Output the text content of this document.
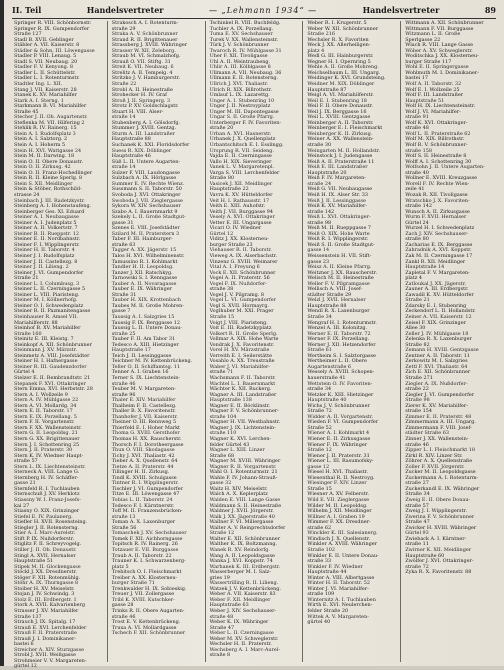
II. Teil	Handelsvertreter	— „Lehmann 1934“ —	Handelsvertreter	89
Springer R. VIII. Schönbornstr.
Springer R. IX. Gumpendorfer
Straße 127
Stadl B. XVII. Geblinger
Stäbler A. VII. Kaiserstr. 8
Städler & Sohn, III. Löwengasse
Stadler P. VIII. Lenaug. 5
Stadl S. VII. Neubaug. 20
Stadler F. V. Kenyong. 8
Stadler L. II. Schüttelstr.
Stadler L. I. Rotenturmstr.
Stadtler Ing. L. XII.
Stang J. VII. Kaiserstr. 28
Stanek K. XV. Mariahilfer
Stark A. I. Sterng. 1
Starkmann B. VI. Mariahilfer
Straße 45
Stecher J. II. Ob. Augartenstr.
Steflenka M. VII. Hilfering 2
Stehlik R. IV. Rainerg. 15
Stein A. I. Rudolfsplatz 3
Stein A. I. Salztorg. 2
Stein A. I. Hoherm 5
Stein H. XVI. Wattgasse 24
Stein M. II. Darwing. 18
Stein O. II. Obere Donaustr.
Stein O. II. Zirkusg. 42
Stein O. II. Franz-Hochedlinger
Stein R. II. Kleine Sperlg. 8
Stein S. XII. Meidlinger
Stein & Stöber, Rothschild-
strasse 24
Steinbach J. III. Radetzkystr.
Steinberg A. I. Hohenstaufeng.
Steinberger Ges. XI. Eduard
Steiner A. I. Neubaugasse
Steiner A. I. Judenplatz 5
Steiner A. II. Volkertstr. 7
Steiner B. II. Rueppstr. 12
Steiner E. II. Nordbahnstr.
Steiner F. I. Wipplingerstr.
Steiner H. II. Taborstr. 4
Steiner J. I. Rudolfsplatz
Steiner J. II. Castellezg. 8
Steiner J. II. Lilieng. 2
Steiner J. VI. Gumpendorfer
Straße 21
Steiner L. I. Columbusg. 3
Steiner L. II. Czerningasse 5
Steiner L. VIII. Piaristeng.
Steiner M. I. Köllnerhofg.
Steiner O. I. Schwedenplatz
Steiner R. II. Pazmanitengasse
Steinhauser R. Amsel VII.
Mariahilferstr. 88
Steinhof B. XV. Mariahilfer
Straße 160
Steinitz E. III. Kleistg. 7
Steinkopf A. XII. Schönbrunner
Steinmann J. XV. Märzstr.
Steinmetz A. VIII. Josefstädter
Steiner H. I. Hafnergasse
Steiner R. III. Gaudenzdorfer
Gürtel 4
Stelzer E. II. Rembrandtstr. 21
Stepanek F. XVI. Ottakringer
Stern Emma, XVI. Herbststr. 28
Stern A. I. Wollzeile 9
Stern A. IV. Mühlgasse 22
Stern A. VI. Mollardg. 34
Stern E. II. Taborstr. 17
Stern E. IX. Porzellang. 5
Stern F. II. Vorgartenstr.
Stern F. XX. Wallensteinstr.
Stern G. II. Leopoldsg. 21
Stern G. XX. Brigittenauer
Stern J. I. Schottenring 25
Stern J. II. Praterstr. 30
Stern K. IV. Wiedner Haupt-
straße 57
Stern L. IX. Liechtensteinstr.
Sterneck A. VIII. Lange G.
Sternberg H. IV. Schäffer-
gasse 21
Sternfeld R. I. Tuchlauben
Sternschuß J. XV. Herklotz
Stiassny W. I. Franz-Josefs-
kai 27
Stiasny O. XIX. Grinzinger
Stiefel E. IV. Paulanerg.
Stiefler H. XVII. Rosensteing.
Stiegler J. II. Rotensterng.
Stier A. I. Marc-Aurelstr.
Stift P. IX. Nußdorferstr.
Stiglitz F. II. Schreyvogelg.
Stiller J. II. Ob. Donaustr.
Stingl A. XVII. Hernalser
Hauptstraße 51
Stipek M. II. Glockengasse
Stöckl J. XX. Dresdnerstr.
Stöger F. XII. Rotenmühlg.
Stöhr A. IX. Thurngasse 8
Stoiber H. XV. Meiselstr.
Stojan J. IV. Schwindg. 3
Stolz E. III. Erdbergstr. 1
Stork A. XVII. Kalvarienberg
Strasser J. XV. Mariahilfer
Straße 137
Strauch J. IX. Spitalg. 17
Strauß E. XVI. Lerchenfelder
Strauß F. II. Praterstraße
Strauß J. I. Dominikaner-
bastei 6
Streicher A. XIV. Sturzgasse
Strobl J. XVII. Weißgasse
Strohmeier V. V. Margareten-
gürtel 12
Strakosch A. I. Rotenturm-
straße 29
Straka A. V. Schönbrunner
Strand R. II. Brigittenauer
Strassberg J. XVIII. Währinger
Strasser W. XII. Zeleborg.
Straub M. VI. Schmalzhofg.
Strauß O. VII. Stiftg. 31
Streit K. VII. Neubaug. 6
Strelitz A. II. Tempelg. 4
Stritzko J. V. Hamburgerstr.
Straße 22
Strobl A. II. Heinestraße
Strohecker H. IV. Graf
Stroß J. II. Springerg. 3
Strotz P. XV. Goldschlagstr.
Stuart H. VIII. Alser-
straße 14
Stubenberg A. I. Gölsdorfg.
Stummer J. XVIII. Gentzg.
Sturm A. III. Landstraßer
Hauptstraße 88
Suchanek K. XXI. Floridsdorfer
Suess R. XIX. Döblinger
Hauptstraße 46
Süß L. II. Untere Augarten-
straße 14
Sulzer F. VIII. Laudongasse
Sulzbach A. IX. Hörlgasse
Summer E. IV. Rechte Wienz.
Sussmann S. II. Taborstr. 50
Svoboda J. XVI. Ottakringer
Swoboda J. VII. Zieglergasse
Sykora W. XIV. Sechshauser
Szabo A. I. Bauernmarkt 9
Szekely L. II. Große Stadtgut-
gasse 31
Szenes E. VIII. Josefstädter
Szilard M. II. Praterstern 3
Taber F. III. Hainburger-
straße 63
Tagger A. XX. Jägerstr. 15
Talos H. XVI. Wilhelminenstr.
Tamussino R. I. Kohlmarkt
Tandler H. II. Leopoldsg.
Tanzer J. XII. Ratschkyg.
Tarnowski S. I. Renngasse
Tauber A. II. Novaragasse
Tauber E. IX. Währinger
Straße 31
Tauber H. XIX. Krottenbach
Taubes M. II. Große Mohren-
gasse 7
Taussig A. I. Salzgries 15
Taussig F. IX. Berggasse 12
Taussig L. II. Untere Donau-
straße 25
Tauber F. II. Am Tabor 31
Tedesco A. XIII. Hietzinger
Hauptstraße 17
Teich J. II. Lessinggasse
Teichner M. IV. Kettenbrückeng.
Teller O. II. Schiffamtsg. 11
Tenner A. I. Graben 16
Terner S. IX. Liechtenstein-
straße 46
Teuber M. V. Margareten-
straße 96
Thaler E. XIV. Mariahilfer
Thalheim F. II. Castellezg.
Thaller B. X. Favoritenstr.
Thanhofer J. VII. Kaiserstr.
Theiner O. III. Rennweg 5
Thierfeld E. I. Hoher Markt
Thoma G. XVIII. Gersthofer
Thomas H. XX. Rauscherstr.
Thorsch F. I. Dorotheergasse
Thun O. VIII. Skodagasse
Tichy J. XVI. Thaliastr. 42
Tieber A. X. Quellenstr. 64
Tietze A. II. Praterstr. 44
Tillinger H. II. Zirkusg.
Tindl K. XVIII. Schulgasse
Tintner R. I. Wipplingerstr.
Tischler J. VI. Gumpendorfer
Titze E. III. Löwengasse 47
Tobias L. II. Taborstr. 24
Todesco F. I. Kärntnerstr.
Toff M. II. Franzensbrücken-
straße 13
Toman A. X. Laxenburger
Straße 56
Tomaschek J. XV. Sechshauser
Tomek F. XII. Aichhorngasse
Topitsch R. IV. Rainerg. 26
Totzauer E. VII. Burggasse
Traub A. II. Taborstr. 22
Trauner K. I. Schwarzenberg-
platz 5
Trebitsch O. I. Fleischmarkt
Treiber A. XX. Klosterneu-
burger Straße 71
Trenkwalder H. IX. Sobieskig.
Treuer J. VII. Zollergasse
Tribl K. XVIII. Kutschker-
gasse 28
Trinks R. II. Obere Augarten-
straße 46
Trost E. V. Kettenbrückeng.
Truxa A. VI. Mollardgasse
Tschech F. XII. Schönbrunner
Tschinkel R. VIII. Buchfeldg.
Tuchler A. IX. Porzellang.
Tuma E. XV. Sechshauser
Turek V. XX. Wallensteinstr.
Türk J. V. Schönbrunner
Twaroch R. IV. Mühlgasse 31
Uher F. XII. Tivoligasse
Uhl A. II. Weintraubeng.
Uhlir A. III. Kölblgasse 8
Ullmann A. VII. Neubaug. 36
Ullmann E. II. Rotensterng.
Ullrich J. XVI. Thaliastr.
Ulrich R. XIX. Billrothstr.
Umlauf L. IX. Lazarettg.
Unger A. I. Stubenring 10
Unger J. II. Nestroyplatz
Unger M. III. Dapontegasse
Ungar S. II. Große Pfarrg.
Unterberger F. IV. Favoriten-
straße 20
Urban A. XVI. Hasnerstr.
Urbanek J. X. Quellenplatz
Urbantschitsch E. I. Esslingg.
Ursprung R. VII. Seideng.
Vajda E. II. Czerningasse
Vallo H. XIX. Sieveringer
Vanek L. V. Margaretenpl.
Varga S. VIII. Lerchenfelder
Straße 80
Vasicek J. XII. Meidlinger
Hauptstraße 22
Vavra K. XV. Hütteldorfer
Veit H. I. Rathausstr. 17
Veith E. XIII. Auhofstr.
Veith J. VII. Burggasse 94
Vesely A. XVI. Ottakringer
Vetter E. III. Ungargasse
Vicari O. IV. Wiedner
Gürtel 12
Viditz J. XX. Klosterneu-
burger Straße 23
Viehauser R. II. Taborstr.
Vieweg A. IX. Alserbachstr.
Vinzenz G. XVIII. Weimarer
Vital A. I. Freyung 6
Vock E. XII. Schönbrunner
Vogel A. II. Praterstr. 56
Vogel F. IX. Nußdorfer-
straße 38
Vogel J. V. Pilgramg. 8
Vogel L. VI. Gumpendorfer
Vogl S. XVII. Hormayrg.
Voglhuber M. XXI. Prager
Straße 15
Voigt J. VIII. Piaristeng.
Voit E. III. Radetzkyplatz
Volkert R. II. Große Sperlg.
Vollmar A. XIX. Hohe Warte
Vondrak J. X. Favoritenstr.
Vorel H. XV. Märzstraße
Vorreith E. I. Seilerstätte
Vosahlo A. XX. Treustraße
Waber J. VI. Mariahilfer-
straße 71
Wachsmann F. II. Taborstr.
Wachtel L. I. Bauernmarkt
Wächter K. XII. Ruckerg.
Wagner A. III. Landstraßer
Hauptstraße 138
Wagner E. II. Böcklinstr.
Wagner F. V. Schönbrunner-
straße 104
Wagner H. VII. Westbahnstr.
Wagner J. IX. Lichtenstein-
straße 110
Wagner K. XVI. Lerchen-
felder Gürtel 43
Wagner L. XIII. Linzer
Straße 68
Wagner M. XVIII. Währinger
Wagner R. II. Vorgartenstr.
Wahl O. I. Rotenturmstr. 21
Wahle F. IV. Johann-Strauß-
gasse 32
Waitz H. XIV. Meiselstr.
Walch A. X. Keplerplatz
Walden E. VIII. Lange Gasse
Waldmann S. II. Heinestraße
Waldner J. XVII. Jörgerstr.
Walk J. XX. Jägerstraße 40
Wallner F. VI. Millergasse
Walter A. V. Reinprechtsdorfer
Straße 12
Walter E. XII. Schönbrunner
Walther K. IX. Boltzmanng.
Wanek R. XV. Reindorfg.
Wang A. II. Leopoldsgasse
Wanka J. XVI. Koppstr. 74
Warhanek K. III. Erdbergstr.
Wasserberger M. I. Salz-
gries 19
Wassertrilling R. II. Lilieng.
Watzek J. V. Kettenbrückeng.
Weber A. VII. Kaiserstr. 83
Weber F. XII. Meidlinger
Hauptstraße 63
Weber J. XIV. Sechshauser-
straße 48
Weber K. IX. Währinger
Straße 47
Weber L. II. Czerningasse
Weber M. XV. Schweglerstr.
Wechsler H. II. Praterstr.
Wechsberg A. I. Marc-Aurel-
straße 8
Weber R. I. Krugerstr. 5
Weber W. XII. Schönbrunner
Straße 216
Wechsler R. X. Favoriten
Weck J. XX. Allerheiligen-
platz 4
Wedl G. III. Hainburgerstr.
Wegner H. I. Opernring 5
Wehle A. II. Große Mohreng.
Weichselbaum L. III. Ungarg.
Weidinger K. XVI. Grundsteing.
Weidner M. XIX. Döblinger
Hauptstraße 87
Weigl A. VI. Mariahilferstr.
Weil E. I. Stubenring 18
Weil F. II. Obere Donaustr.
Weil J. IX. Berggasse 16
Weil L. XVIII. Gentzgasse
Weinberger A. II. Taborstr.
Weinberger E. I. Fleischmarkt
Weinberger K. II. Zirkusg.
Weiner A. XX. Wallenstein-
straße 30
Weingarten M. II. Hollandstr.
Weinstock J. I. Judengasse
Weiß A. II. Praterstraße 11
Weiß E. III. Landstraßer
Hauptstraße 20
Weiß F. IV. Margareten-
straße 24
Weiß G. VII. Neubaugasse
Weiß H. IX. Alser Str. 33
Weiß J. II. Lessinggasse
Weiß K. XV. Mariahilfer-
straße 142
Weiß L. XVI. Ottakringer-
straße 98
Weiß M. II. Rueppgasse 7
Weiß O. XIX. Hohe Warte
Weiß R. I. Wipplingerstr.
Weiß S. II. Große Stadtgut-
gasse 14
Weissenstein H. VII. Stift-
gasse 23
Weisz A. II. Kleine Pfarrg.
Weitzner J. XX. Rauscherstr.
Welisch M. II. Heinestraße
Weller F. V. Pilgramgasse
Wellisch A. VIII. Josef-
städter Straße 29
Welzl J. XVII. Hernalser
Hauptstraße 88
Wendl R. X. Laxenburger
Straße 34
Wengraf H. I. Rotenturmstr.
Wenzel A. III. Kolonitzg.
Werner E. II. Taborstr. 72
Werner F. IX. Porzellang.
Werner J. XII. Hetzendorfer
Straße 61
Wertheim S. I. Salztorgasse
Wertheimer L. II. Obere
Augartenstraße 6
Wessely A. XVIII. Schopen-
hauerstraße 41
Wettstein O. IV. Favoriten-
straße 34
Wetzler K. XIII. Hietzinger
Hauptstraße 40
Wichs J. V. Schönbrunner
Straße 72
Widder A. II. Vorgartenstr.
Wieden F. VI. Gumpendorfer
Straße 52
Wiener A. I. Kohlmarkt 4
Wiener E. II. Zirkusgasse
Wiener F. IX. Währinger
Straße 12
Wiener J. II. Praterstr. 31
Wiener L. III. Rasumofsky-
gasse 12
Wiesel H. XVI. Thaliastr.
Wiesenthal R. II. Nestroyg.
Wiesinger F. XIV. Linzer
Straße 15
Wiesner A. XV. Felberstr.
Wild E. VII. Zieglergasse
Wilder M. II. Leopoldsg.
Wilhelm J. XII. Meidlinger
Willner A. I. Graben 19
Wimmer F. XX. Dresdner-
straße 62
Winckler K. III. Salesianerg.
Windisch J. X. Quellenstr.
Winkler A. XVIII. Währinger
Straße 102
Winkler E. II. Untere Donau-
straße 33
Winkler F. IV. Wiedner
Hauptstraße 44
Winter A. VIII. Albertgasse
Winter H. II. Taborstr. 52
Winter J. VI. Mariahilfer-
straße 109
Winternitz A. I. Tuchlauben
Wirth E. XVI. Neulerchen-
felder Straße 20
Wittek A. V. Margareten-
gürtel 40
Wittmann A. XII. Schönbrunner
Wittmann F. VII. Burggasse
Witzmann L. II. Große
Sperlgasse 22
Wlach R. VIII. Lange Gasse
Wöber A. XV. Schweglerstr.
Woditschka J. XX. Klosterneu-
burger Straße 117
Wohl E. II. Springergasse
Wohlmuth M. I. Dominikaner-
bastei 17
Wolf A. II. Taborstr. 32
Wolf E. I. Wollzeile 25
Wolf F. III. Landstraßer
Hauptstraße 51
Wolf H. IX. Liechtensteinstr.
Wolf J. VI. Mariahilfer-
straße 91
Wolf K. XVI. Ottakringer-
straße 48
Wolf L. II. Praterstraße 62
Wolf M. XIX. Billrothstr.
Wolf R. V. Schönbrunner-
straße 158
Wolf S. II. Heinestraße 8
Wolff A. I. Schottenring 30
Wolfsohn J. II. Untere Augarten-
straße 40
Wollner E. XVIII. Kreuzgasse
Worell F. IV. Rechte Wien-
zeile 41
Wozak R. XII. Tivoligasse
Wratschko J. X. Favoriten-
straße 142
Wunsch A. II. Zirkusgasse
Wurm F. XVII. Hernalser
Gürtel 24
Wurzel H. I. Schwedenplatz
Zach J. XIV. Sechshauser-
straße 80
Zacharias E. IX. Berggasse
Zahradnik A. XVI. Koppstr.
Zak M. II. Czerningasse 17
Zankl R. XII. Meidlinger
Hauptstraße 14
Zapletal F. V. Margareten-
platz 4
Zatloukal J. XX. Jägerstr.
Zauner A. III. Erdbergstr.
Zawadil K. XV. Hütteldorfer
Straße 21
Zdarsky E. I. Stubenring
Zeckendorf L. II. Hollandstr.
Zeiner A. VII. Kaiserstr. 12
Zeisel F. XIX. Grinzinger
Allee 30
Zeller J. IV. Mühlgasse 18
Zelenka R. X. Laxenburger
Straße 82
Zemann H. XVIII. Gentzgasse
Zentner A. II. Taborstr. 11
Zerkowitz M. I. Salzgries
Zettl F. XVI. Thaliastr. 64
Zich E. XII. Schönbrunner
Straße 271
Ziegler A. IX. Nußdorfer-
straße 22
Ziegler J. VI. Gumpendorfer
Straße 98
Zierer K. XV. Mariahilfer-
straße 154
Zimmer E. II. Praterstr. 48
Zimmermann A. III. Ungarg.
Zimmermann F. VIII. Josef-
städter Straße 63
Zinner J. XX. Wallenstein-
straße 46
Zipper L. I. Fleischmarkt 18
Zirkl R. XIV. Linzer Str.
Zöhrer A. X. Quellenstraße
Zoller F. XVII. Jörgerstr.
Zucker M. II. Leopoldsgasse
Zuckermann A. I. Rotenturm-
straße 27
Zuckerkandl E. IX. Währinger
Straße 34
Zweig E. II. Obere Donau-
straße 57
Zweig J. I. Wipplingerstr.
Zwerina F. V. Schönbrunner
Straße 47
Zwicker H. XVIII. Währinger
Gürtel 93
Zwieback A. I. Kärntner-
straße 11
Zwirner K. XII. Meidlinger
Hauptstraße 60
Zwölfer J. XVI. Ottakringer-
straße 72
Zyka R. X. Favoritenstr. 88
